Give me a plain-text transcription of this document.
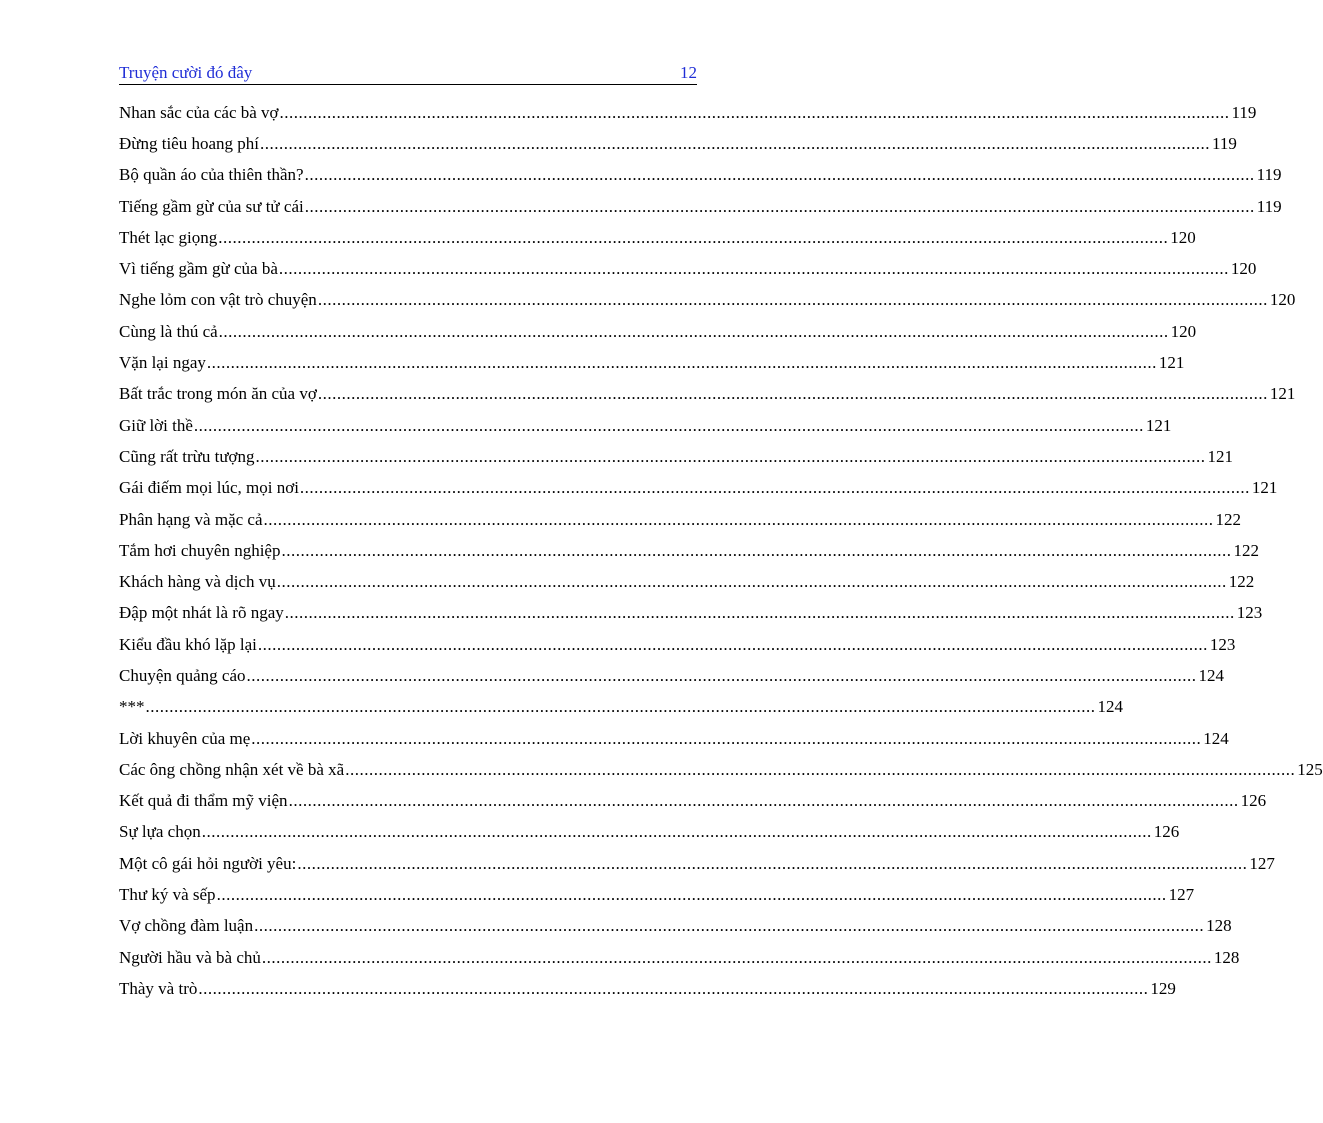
Truyện cười đó đây	12
Nhan sắc của các bà vợ ........................................................................................................................................................................................................ 119
Đừng tiêu hoang phí ........................................................................................................................................................................................................ 119
Bộ quần áo của thiên thần? ........................................................................................................................................................................................................ 119
Tiếng gầm gừ của sư tử cái ........................................................................................................................................................................................................ 119
Thét lạc giọng ........................................................................................................................................................................................................ 120
Vì tiếng gầm gừ của bà ........................................................................................................................................................................................................ 120
Nghe lỏm con vật trò chuyện ........................................................................................................................................................................................................ 120
Cùng là thú cả ........................................................................................................................................................................................................ 120
Vặn lại ngay ........................................................................................................................................................................................................ 121
Bất trắc trong món ăn của vợ ........................................................................................................................................................................................................ 121
Giữ lời thề ........................................................................................................................................................................................................ 121
Cũng rất trừu tượng ........................................................................................................................................................................................................ 121
Gái điếm mọi lúc, mọi nơi ........................................................................................................................................................................................................ 121
Phân hạng và mặc cả ........................................................................................................................................................................................................ 122
Tắm hơi chuyên nghiệp ........................................................................................................................................................................................................ 122
Khách hàng và dịch vụ ........................................................................................................................................................................................................ 122
Đập một nhát là rõ ngay ........................................................................................................................................................................................................ 123
Kiểu đầu khó lặp lại ........................................................................................................................................................................................................ 123
Chuyện quảng cáo ........................................................................................................................................................................................................ 124
*** ........................................................................................................................................................................................................ 124
Lời khuyên của mẹ ........................................................................................................................................................................................................ 124
Các ông chồng nhận xét về bà xã ........................................................................................................................................................................................................ 125
Kết quả đi thẩm mỹ viện ........................................................................................................................................................................................................ 126
Sự lựa chọn ........................................................................................................................................................................................................ 126
Một cô gái hỏi người yêu: ........................................................................................................................................................................................................ 127
Thư ký và sếp ........................................................................................................................................................................................................ 127
Vợ chồng đàm luận ........................................................................................................................................................................................................ 128
Người hầu và bà chủ ........................................................................................................................................................................................................ 128
Thày và trò ........................................................................................................................................................................................................ 129
